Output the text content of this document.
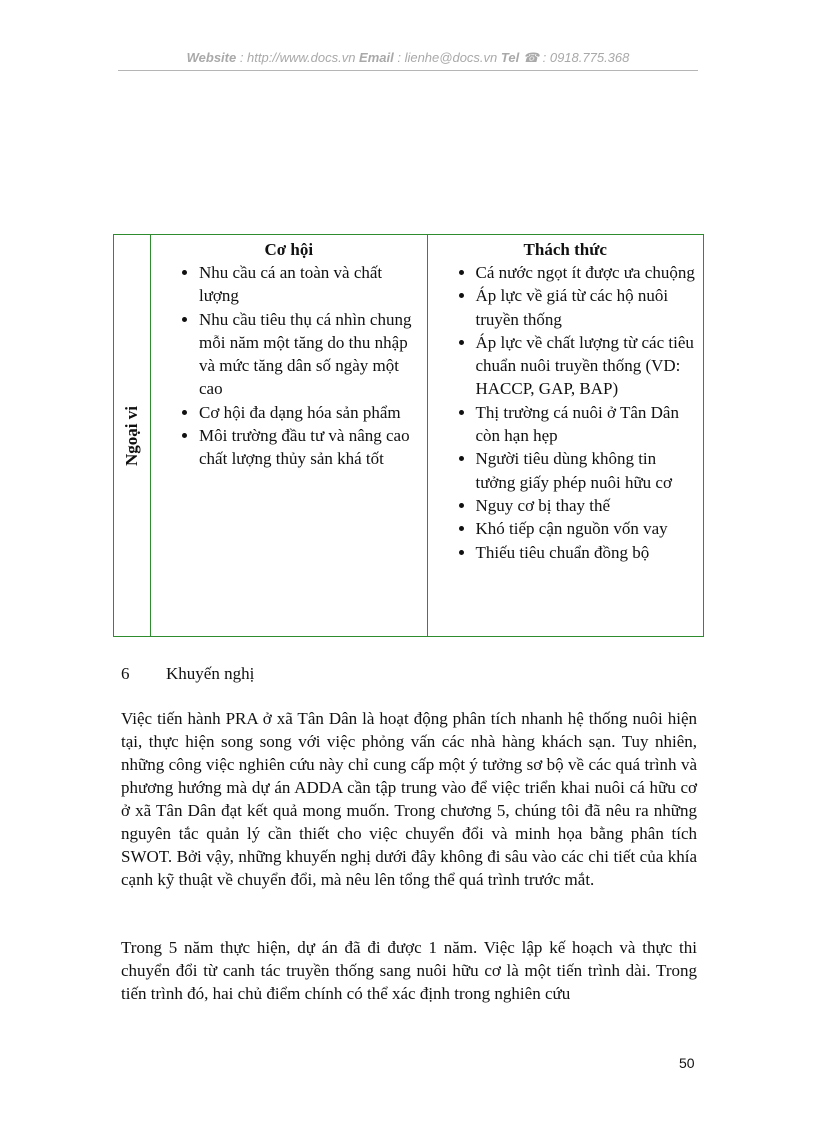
Website : http://www.docs.vn Email : lienhe@docs.vn Tel ☎ : 0918.775.368
Ngoại vi

Cơ hội
• Nhu cầu cá an toàn và chất lượng
• Nhu cầu tiêu thụ cá nhìn chung mỗi năm một tăng do thu nhập và mức tăng dân số ngày một cao
• Cơ hội đa dạng hóa sản phẩm
• Môi trường đầu tư và nâng cao chất lượng thủy sản khá tốt

Thách thức
• Cá nước ngọt ít được ưa chuộng
• Áp lực về giá từ các hộ nuôi truyền thống
• Áp lực về chất lượng từ các tiêu chuẩn nuôi truyền thống (VD: HACCP, GAP, BAP)
• Thị trường cá nuôi ở Tân Dân còn hạn hẹp
• Người tiêu dùng không tin tưởng giấy phép nuôi hữu cơ
• Nguy cơ bị thay thế
• Khó tiếp cận nguồn vốn vay
• Thiếu tiêu chuẩn đồng bộ
6 Khuyến nghị

Việc tiến hành PRA ở xã Tân Dân là hoạt động phân tích nhanh hệ thống nuôi hiện tại, thực hiện song song với việc phỏng vấn các nhà hàng khách sạn. Tuy nhiên, những công việc nghiên cứu này chỉ cung cấp một ý tưởng sơ bộ về các quá trình và phương hướng mà dự án ADDA cần tập trung vào để việc triển khai nuôi cá hữu cơ ở xã Tân Dân đạt kết quả mong muốn. Trong chương 5, chúng tôi đã nêu ra những nguyên tắc quản lý cần thiết cho việc chuyển đổi và minh họa bằng phân tích SWOT. Bởi vậy, những khuyến nghị dưới đây không đi sâu vào các chi tiết của khía cạnh kỹ thuật về chuyển đổi, mà nêu lên tổng thể quá trình trước mắt.

Trong 5 năm thực hiện, dự án đã đi được 1 năm. Việc lập kế hoạch và thực thi chuyển đổi từ canh tác truyền thống sang nuôi hữu cơ là một tiến trình dài. Trong tiến trình đó, hai chủ điểm chính có thể xác định trong nghiên cứu

50
